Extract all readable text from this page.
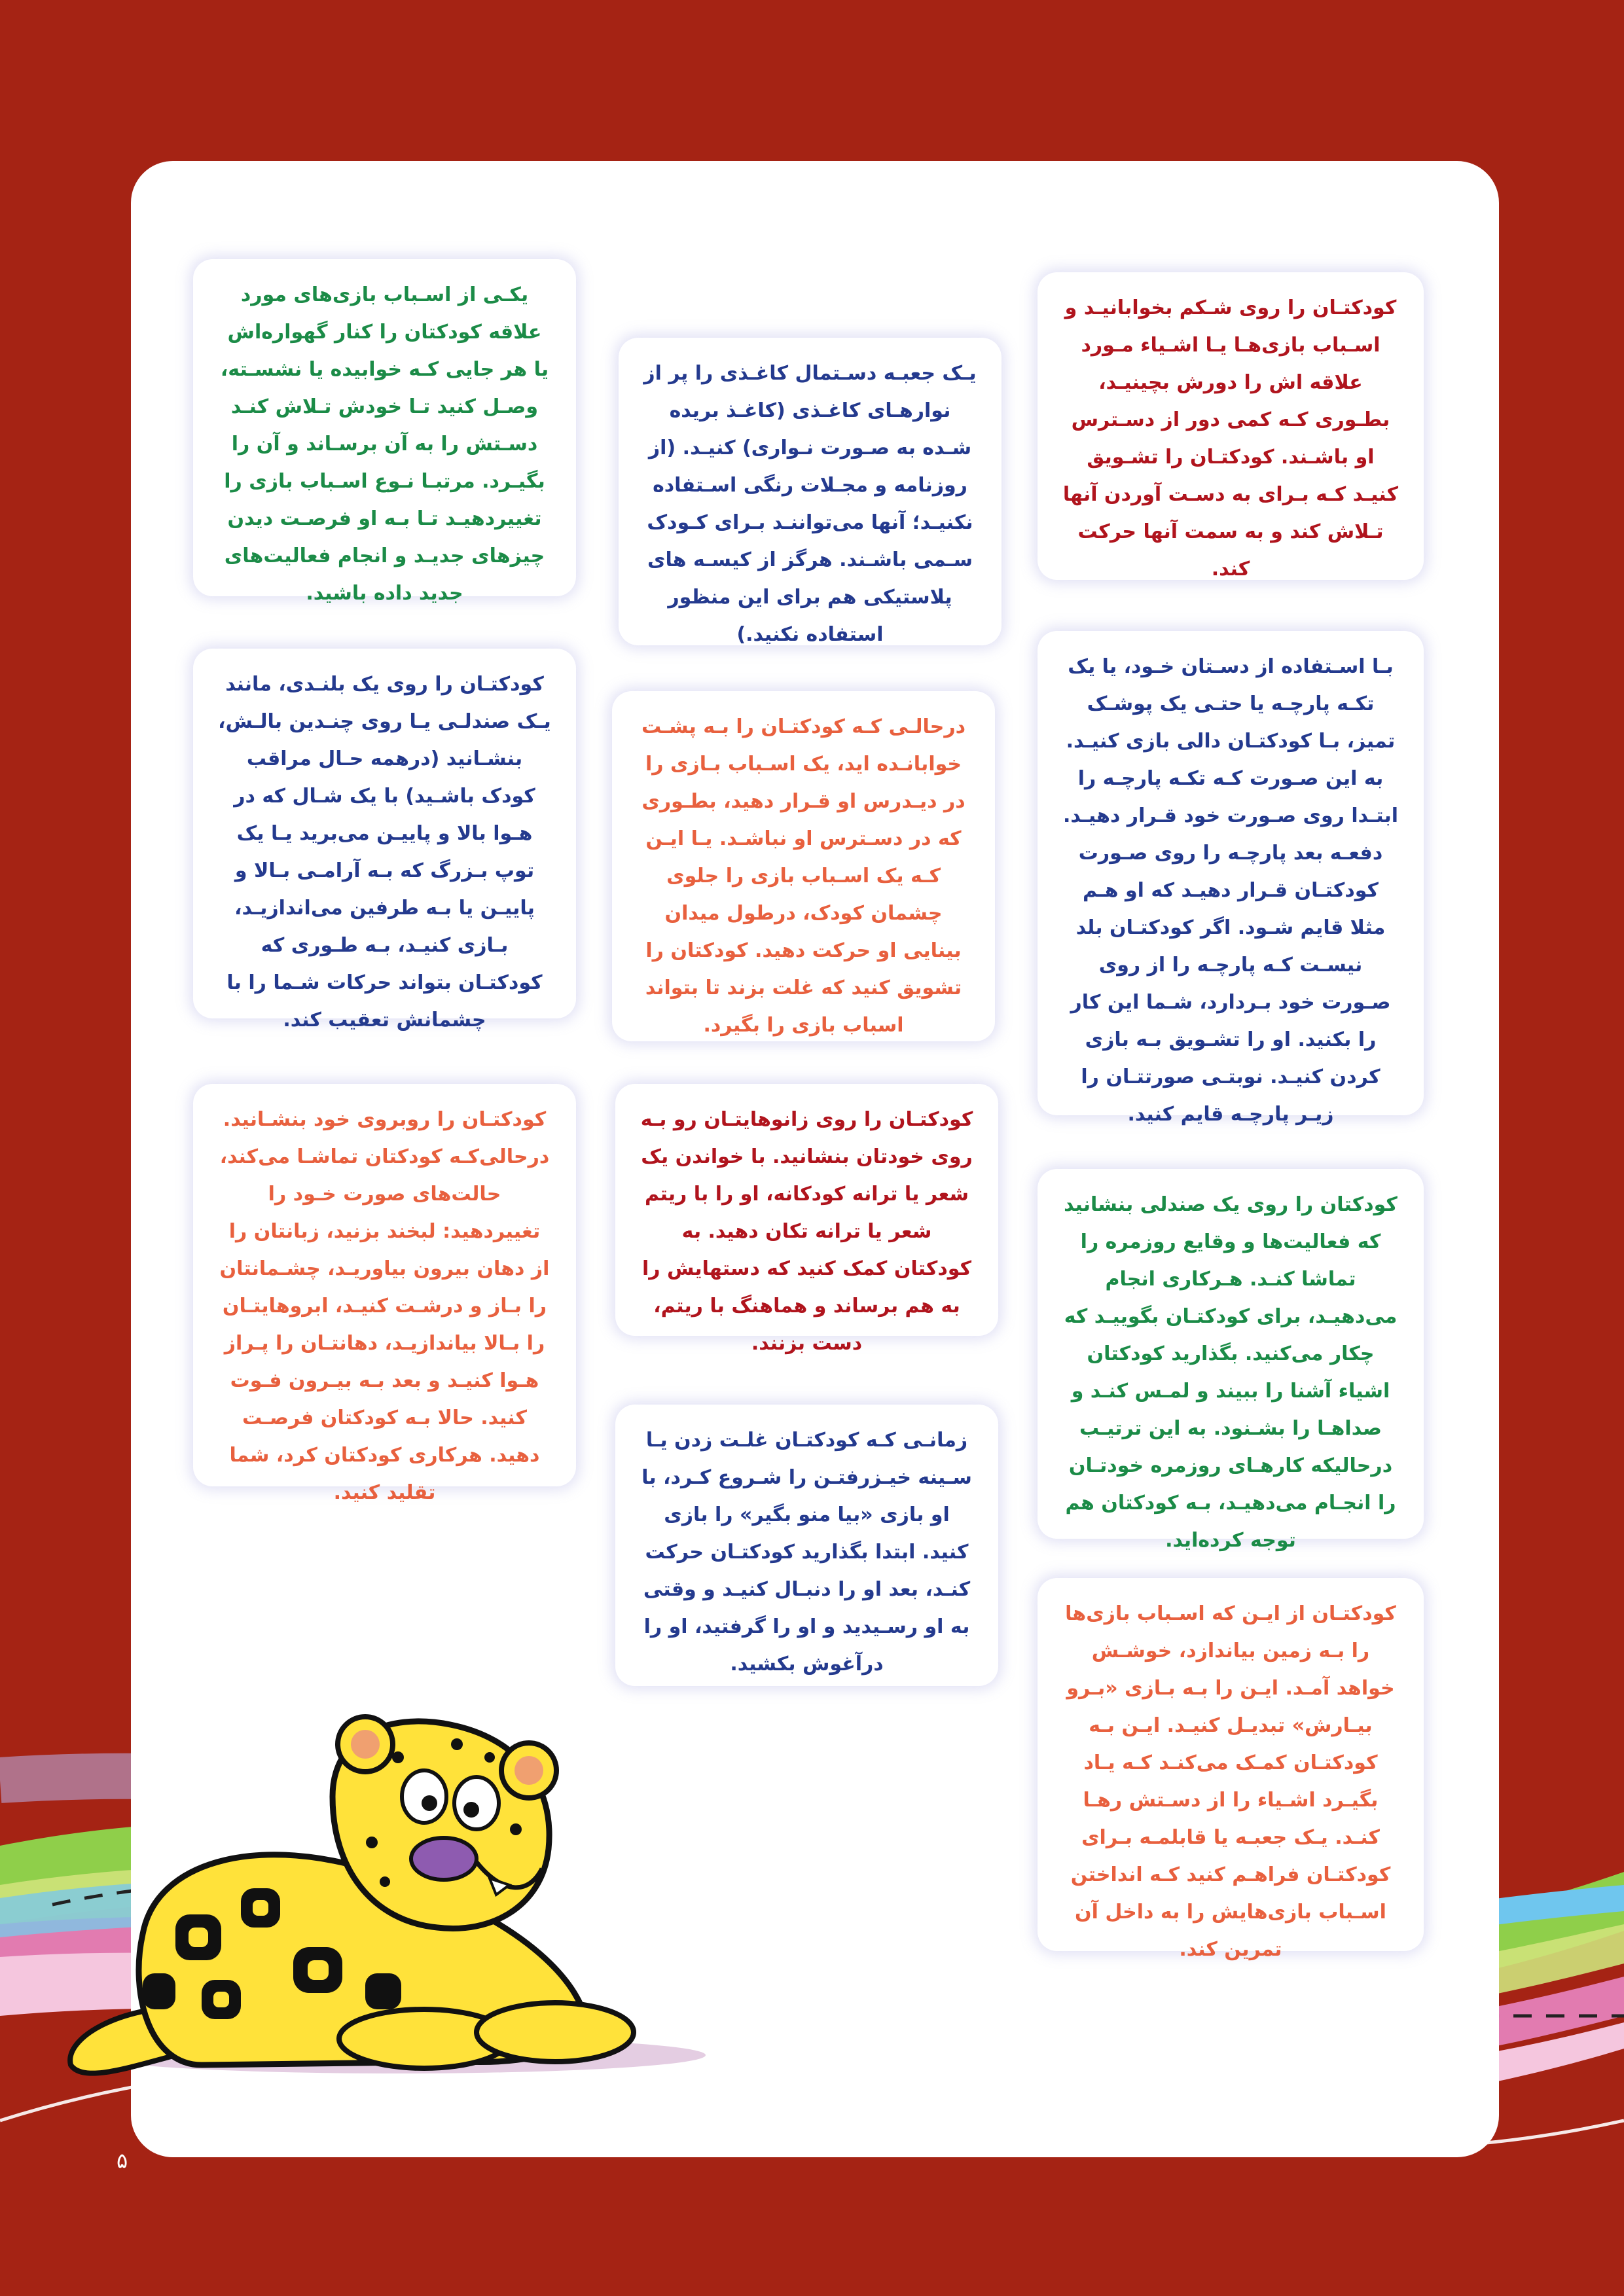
کودکتـان را روی شـکم بخوابانیـد و اسـباب بازی‌هـا یـا اشـیاء مـورد علاقه اش را دورش بچینیـد، بطـوری کـه کمی دور از دسـترس او باشـند. کودکتـان را تشـویق کنیـد کـه بـرای به دسـت آوردن آنها تـلاش کند و به سمت آنها حرکت کند.
یـک جعبـه دسـتمال کاغـذی را پر از نوارهـای کاغـذی (کاغـذ بریده شـده به صـورت نـواری) کنیـد. (از روزنامه و مجـلات رنگی اسـتفاده نکنیـد؛ آنها می‌تواننـد بـرای کـودک سـمی باشـند. هرگز از کیسـه های پلاستیکی هم برای این منظور استفاده نکنید.)
یکـی از اسـباب بازی‌های مورد علاقه کودکتان را کنار گهواره‌اش یا هر جایی کـه خوابیده یا نشسـته، وصـل کنید تـا خودش تـلاش کنـد دسـتش را به آن برسـاند و آن را بگیـرد. مرتبـا نـوع اسـباب بازی را تغییردهیـد تـا بـه او فرصـت دیدن چیزهای جدیـد و انجام فعالیت‌های جدید داده باشید.
بـا اسـتفاده از دسـتان خـود، یا یک تکـه پارچـه یا حتـی یک پوشـک تمیز، بـا کودکتـان دالی بازی کنیـد. به این صـورت کـه تکـه پارچـه را ابتـدا روی صـورت خود قـرار دهیـد. دفعـه بعد پارچـه را روی صـورت کودکتـان قـرار دهیـد که او هـم مثلا قایم شـود. اگر کودکتـان بلد نیسـت کـه پارچـه را از روی صـورت خود بـردارد، شـما این کار را بکنید. او را تشـویق بـه بازی کردن کنیـد. نوبتـی صورتتـان را زیـر پارچـه قایم کنید.
درحالـی کـه کودکتـان را بـه پشـت خوابانـده اید، یک اسـباب بـازی را در دیـدرس او قـرار دهید، بطـوری که در دسـترس او نباشـد. یـا ایـن کـه یک اسـباب بازی را جلوی چشمان کودک، درطول میدان بینایی او حرکت دهید. کودکتان را تشویق کنید که غلت بزند تا بتواند اسباب بازی را بگیرد.
کودکتـان را روی یک بلنـدی، مانند یـک صندلـی یـا روی چنـدین بالـش، بنشـانید (درهمه حـال مراقب کودک باشـید) با یک شـال که در هـوا بالا و پاییـن می‌برید یـا یک توپ بـزرگ که بـه آرامـی بـالا و پاییـن یا بـه طرفین می‌اندازیـد، بـازی کنیـد، بـه طـوری که کودکتـان بتواند حرکات شـما را با چشمانش تعقیب کند.
کودکتان را روی یک صندلی بنشانید که فعالیت‌ها و وقایع روزمره را تماشا کنـد. هـرکاری انجام می‌دهیـد، برای کودکتـان بگوییـد که چکار می‌کنید. بگذارید کودکتان اشیاء آشنا را ببیند و لمـس کنـد و صداهـا را بشـنود. به این ترتیـب درحالیکه کارهـای روزمره خودتـان را انجـام می‌دهیـد، بـه کودکتان هم توجه کرده‌اید.
کودکتـان را روی زانوهایتـان رو بـه روی خودتان بنشانید. با خواندن یک شعر یا ترانه کودکانه، او را با ریتم شعر یا ترانه تکان دهید. به کودکتان کمک کنید که دستهایش را به هم برساند و هماهنگ با ریتم، دست بزنند.
کودکتـان را روبروی خود بنشـانید. درحالی‌کـه کودکتان تماشـا می‌کند، حالت‌های صورت خـود را تغییردهید: لبخند بزنید، زبانتان را از دهان بیرون بیاوریـد، چشـمانتان را بـاز و درشـت کنیـد، ابروهایتـان را بـالا بیاندازیـد، دهانتـان را پـراز هـوا کنیـد و بعد بـه بیـرون فـوت کنید. حالا بـه کودکتان فرصـت دهید. هرکاری کودکتان کرد، شما تقلید کنید.
کودکتـان از ایـن که اسـباب بازی‌ها را بـه زمین بیاندازد، خوشـش خواهد آمـد. ایـن را بـه بـازی «بـرو بیـارش» تبدیـل کنیـد. ایـن بـه کودکتـان کمـک می‌کنـد کـه یـاد بگیـرد اشـیاء را از دسـتش رهـا کنـد. یـک جعبـه یا قابلمـه بـرای کودکتـان فراهـم کنید کـه انداختن اسـباب بازی‌هایش را به داخل آن تمرین کند.
زمانـی کـه کودکتـان غلـت زدن یـا سـینه خیـزرفتـن را شـروع کـرد، با او بازی «بیا منو بگیر» را بازی کنید. ابتدا بگذارید کودکتـان حرکت کنـد، بعد او را دنبـال کنیـد و وقتی به او رسـیدید و او را گرفتید، او را درآغوش بکشید.
۵
